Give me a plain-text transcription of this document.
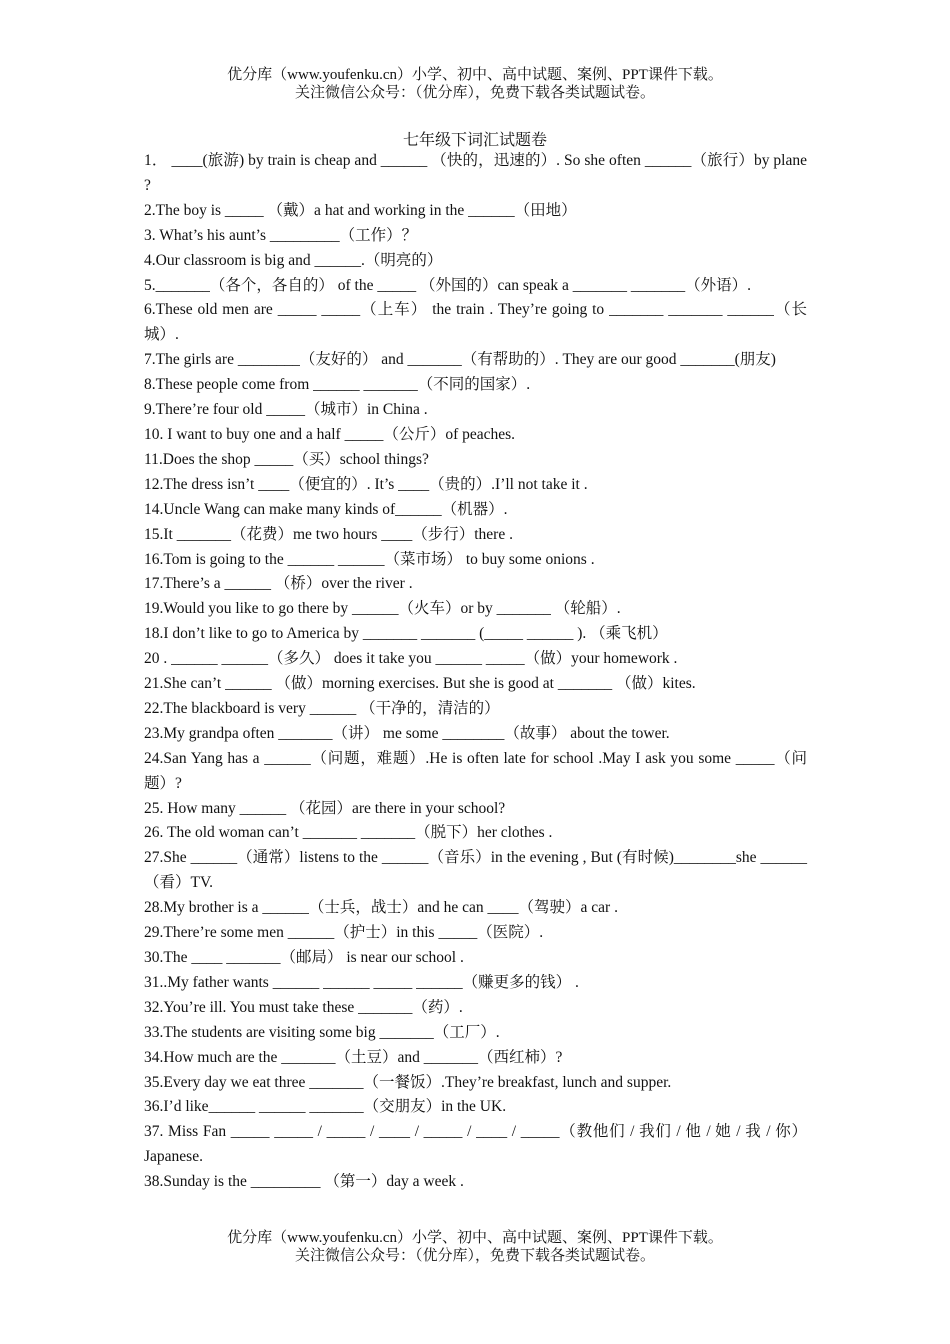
优分库（www.youfenku.cn）小学、初中、高中试题、案例、PPT课件下载。
关注微信公众号：（优分库），免费下载各类试题试卷。
七年级下词汇试题卷
1． ____(旅游) by train is cheap and ______ （快的，迅速的）. So she often ______（旅行）by plane ?
2.The boy is _____ （戴）a hat and working in the ______（田地）
3. What’s his aunt’s _________（工作）？
4.Our classroom is big and ______.（明亮的）
5._______（各个，各自的） of the _____ （外国的）can speak a _______ _______（外语）.
6.These old men are _____ _____（上车） the train . They’re going to _______ _______ ______（长城）.
7.The girls are ________（友好的） and _______（有帮助的）. They are our good _______(朋友)
8.These people come from ______ _______（不同的国家）.
9.There’re four old _____（城市）in China .
10. I want to buy one and a half _____（公斤）of peaches.
11.Does the shop _____（买）school things?
12.The dress isn’t ____（便宜的）. It’s ____（贵的）.I’ll not take it .
14.Uncle Wang can make many kinds of______（机器）.
15.It _______（花费）me two hours ____（步行）there .
16.Tom is going to the ______ ______（菜市场） to buy some onions .
17.There’s a ______ （桥）over the river .
19.Would you like to go there by ______（火车）or by _______ （轮船）.
18.I don’t like to go to America by _______ _______ (_____ ______ ). （乘飞机）
20 . ______ ______（多久） does it take you ______ _____（做）your homework .
21.She can’t ______ （做）morning exercises. But she is good at _______ （做）kites.
22.The blackboard is very ______ （干净的，清洁的）
23.My grandpa often _______（讲） me some ________（故事） about the tower.
24.San Yang has a ______（问题，难题）.He is often late for school .May I ask you some _____（问题）?
25. How many ______ （花园）are there in your school?
26. The old woman can’t _______ _______（脱下）her clothes .
27.She ______（通常）listens to the ______（音乐）in the evening , But (有时候)________she ______（看）TV.
28.My brother is a ______（士兵，战士）and he can ____（驾驶）a car .
29.There’re some men ______（护士）in this _____（医院）.
30.The ____ _______（邮局） is near our school .
31..My father wants ______ ______ _____ ______（赚更多的钱） .
32.You’re ill. You must take these _______（药）.
33.The students are visiting some big _______（工厂）.
34.How much are the _______（土豆）and _______（西红柿）?
35.Every day we eat three _______（一餐饭）.They’re breakfast, lunch and supper.
36.I’d like______ ______ _______（交朋友）in the UK.
37. Miss Fan _____ _____ / _____ / ____ / _____ / ____ / _____（教他们 / 我们 / 他 / 她 / 我 / 你） Japanese.
38.Sunday is the _________ （第一）day a week .
优分库（www.youfenku.cn）小学、初中、高中试题、案例、PPT课件下载。
关注微信公众号：（优分库），免费下载各类试题试卷。
